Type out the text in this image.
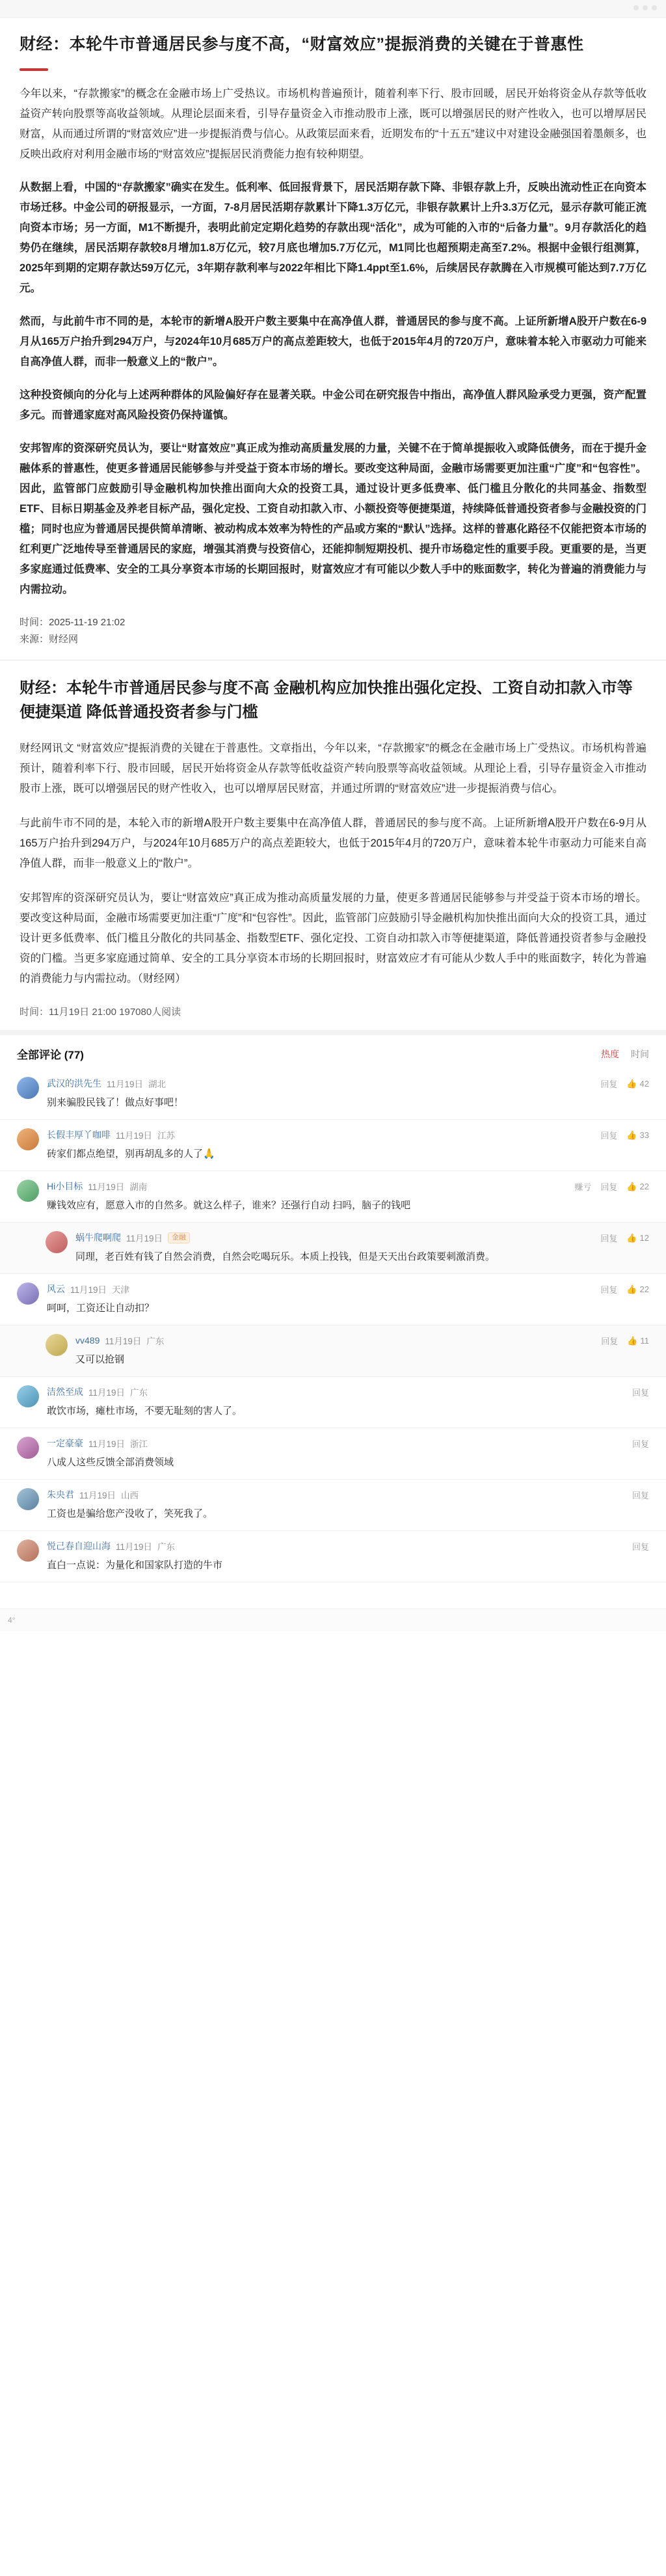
财经：本轮牛市普通居民参与度不高，“财富效应”提振消费的关键在于普惠性
今年以来，“存款搬家”的概念在金融市场上广受热议。市场机构普遍预计，随着利率下行、股市回暖，居民开始将资金从存款等低收益资产转向股票等高收益领域。从理论层面来看，引导存量资金入市推动股市上涨，既可以增强居民的财产性收入，也可以增厚居民财富，从而通过所谓的“财富效应”进一步提振消费与信心。从政策层面来看，近期发布的“十五五”建议中对建设金融强国着墨颇多，也反映出政府对利用金融市场的“财富效应”提振居民消费能力抱有较种期望。
从数据上看，中国的“存款搬家”确实在发生。低利率、低回报背景下，居民活期存款下降、非银存款上升，反映出流动性正在向资本市场迁移。中金公司的研报显示，一方面，7-8月居民活期存款累计下降1.3万亿元，非银存款累计上升3.3万亿元，显示存款可能正流向资本市场；另一方面，M1不断提升，表明此前定定期化趋势的存款出现“活化”，成为可能的入市的“后备力量”。9月存款活化的趋势仍在继续，居民活期存款较8月增加1.8万亿元，较7月底也增加5.7万亿元，M1同比也超预期走高至7.2%。根据中金银行组测算，2025年到期的定期存款达59万亿元，3年期存款利率与2022年相比下降1.4ppt至1.6%，后续居民存款腾在入市规模可能达到7.7万亿元。
然而，与此前牛市不同的是，本轮市的新增A股开户数主要集中在高净值人群，普通居民的参与度不高。上证所新增A股开户数在6-9月从165万户抬升到294万户，与2024年10月685万户的高点差距较大，也低于2015年4月的720万户，意味着本轮入市驱动力可能来自高净值人群，而非一般意义上的“散户”。
这种投资倾向的分化与上述两种群体的风险偏好存在显著关联。中金公司在研究报告中指出，高净值人群风险承受力更强，资产配置多元。而普通家庭对高风险投资仍保持谨慎。
安邦智库的资深研究员认为，要让“财富效应”真正成为推动高质量发展的力量，关键不在于简单提振收入或降低债务，而在于提升金融体系的普惠性，使更多普通居民能够参与并受益于资本市场的增长。要改变这种局面，金融市场需要更加注重“广度”和“包容性”。因此，监管部门应鼓励引导金融机构加快推出面向大众的投资工具，通过设计更多低费率、低门槛且分散化的共同基金、指数型ETF、目标日期基金及养老目标产品，强化定投、工资自动扣款入市、小额投资等便捷渠道，持续降低普通投资者参与金融投资的门槛；同时也应为普通居民提供简单清晰、被动构成本效率为特性的产品或方案的“默认”选择。这样的普惠化路径不仅能把资本市场的红利更广泛地传导至普通居民的家庭，增强其消费与投资信心，还能抑制短期投机、提升市场稳定性的重要手段。更重要的是，当更多家庭通过低费率、安全的工具分享资本市场的长期回报时，财富效应才有可能以少数人手中的账面数字，转化为普遍的消费能力与内需拉动。
时间：2025-11-19 21:02
来源：财经网
财经：本轮牛市普通居民参与度不高 金融机构应加快推出强化定投、工资自动扣款入市等便捷渠道 降低普通投资者参与门槛
财经网讯文 “财富效应”提振消费的关键在于普惠性。文章指出，今年以来，“存款搬家”的概念在金融市场上广受热议。市场机构普遍预计，随着利率下行、股市回暖，居民开始将资金从存款等低收益资产转向股票等高收益领域。从理论上看，引导存量资金入市推动股市上涨，既可以增强居民的财产性收入，也可以增厚居民财富，并通过所谓的“财富效应”进一步提振消费与信心。
与此前牛市不同的是，本轮入市的新增A股开户数主要集中在高净值人群，普通居民的参与度不高。上证所新增A股开户数在6-9月从165万户抬升到294万户，与2024年10月685万户的高点差距较大，也低于2015年4月的720万户，意味着本轮牛市驱动力可能来自高净值人群，而非一般意义上的“散户”。
安邦智库的资深研究员认为，要让“财富效应”真正成为推动高质量发展的力量，使更多普通居民能够参与并受益于资本市场的增长。要改变这种局面，金融市场需要更加注重“广度”和“包容性”。因此，监管部门应鼓励引导金融机构加快推出面向大众的投资工具，通过设计更多低费率、低门槛且分散化的共同基金、指数型ETF、强化定投、工资自动扣款入市等便捷渠道，降低普通投资者参与金融投资的门槛。当更多家庭通过简单、安全的工具分享资本市场的长期回报时，财富效应才有可能从少数人手中的账面数字，转化为普遍的消费能力与内需拉动。（财经网）
时间：11月19日 21:00 197080人阅读
全部评论 (77)	热度 时间
武汉的洪先生 11月19日 湖北
别来骗股民钱了！做点好事吧！
回复 👍 42
长假丰厚丫咖啡 11月19日 江苏
砖家们都点绝望，别再胡乱多的人了🙏
回复 👍 33
Hi小目标 11月19日 湖南
赚钱效应有，愿意入市的自然多。就这么样子，谁来？还强行自动 扫吗，脑子的钱吧
赚亏 回复 👍 22
蜗牛爬啊爬 11月19日	金融
同理，老百姓有钱了自然会消费，自然会吃喝玩乐。本质上投钱，但是天天出台政策要刺激消费。
回复 👍 12
风云 11月19日 天津
呵呵，工资还让自动扣？
回复 👍 22
vv489 11月19日 广东
又可以抢钢
回复 👍 11
洁然至成 11月19日 广东
敢饮市场，瘫杜市场，不要无耻刻的害人了。
回复
一定豪豪 11月19日 浙江
八成人这些反馈全部消费领域
回复
朱央君 11月19日 山西
工资也是骗给您产没收了，笑死我了。
回复
悦己春自迎山海 11月19日 广东
直白一点说：为量化和国家队打造的牛市
回复
4°
